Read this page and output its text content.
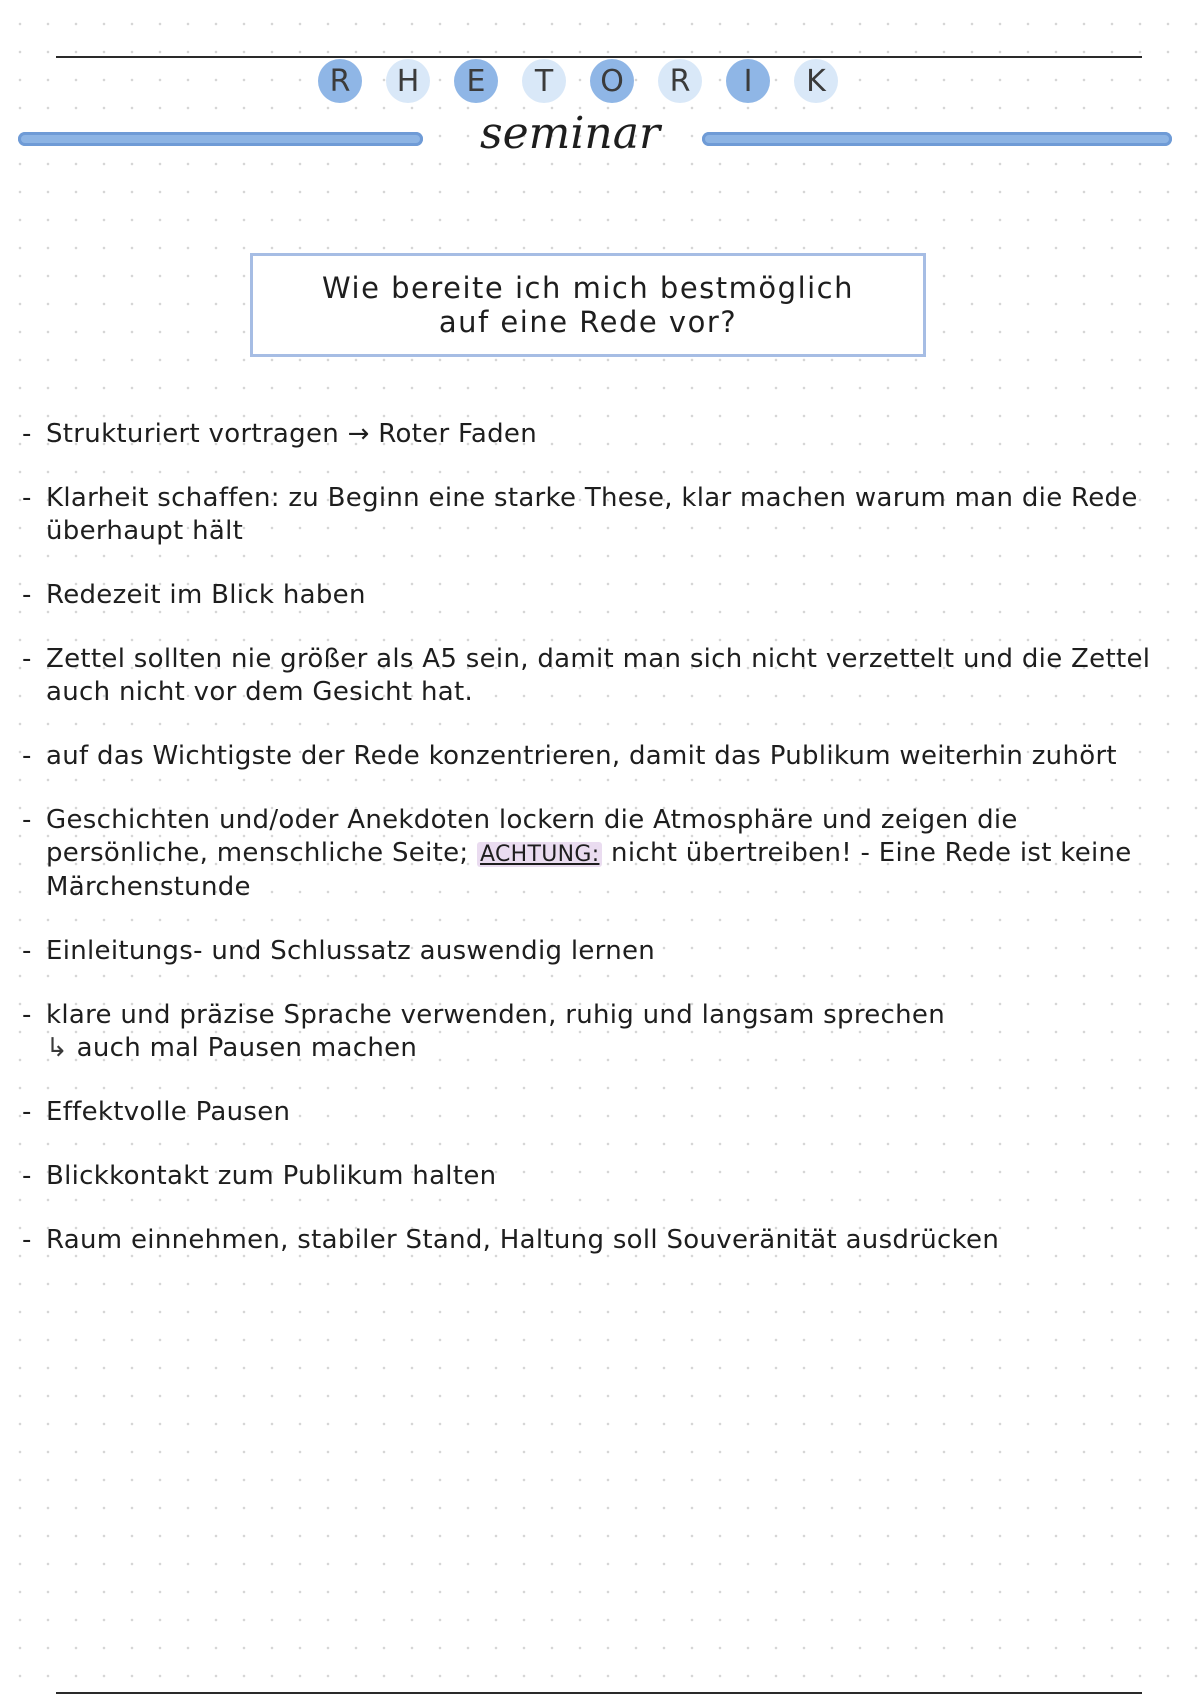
R	H	E	T	O	R	I	K
seminar
Wie bereite ich mich bestmöglich
auf eine Rede vor?
- Strukturiert vortragen → Roter Faden
- Klarheit schaffen: zu Beginn eine starke These, klar machen warum man die Rede überhaupt hält
- Redezeit im Blick haben
- Zettel sollten nie größer als A5 sein, damit man sich nicht verzettelt und die Zettel auch nicht vor dem Gesicht hat.
- auf das Wichtigste der Rede konzentrieren, damit das Publikum weiterhin zuhört
- Geschichten und/oder Anekdoten lockern die Atmosphäre und zeigen die persönliche, menschliche Seite; ACHTUNG: nicht übertreiben! - Eine Rede ist keine Märchenstunde
- Einleitungs- und Schlussatz auswendig lernen
- klare und präzise Sprache verwenden, ruhig und langsam sprechen
↳ auch mal Pausen machen
- Effektvolle Pausen
- Blickkontakt zum Publikum halten
- Raum einnehmen, stabiler Stand, Haltung soll Souveränität ausdrücken
